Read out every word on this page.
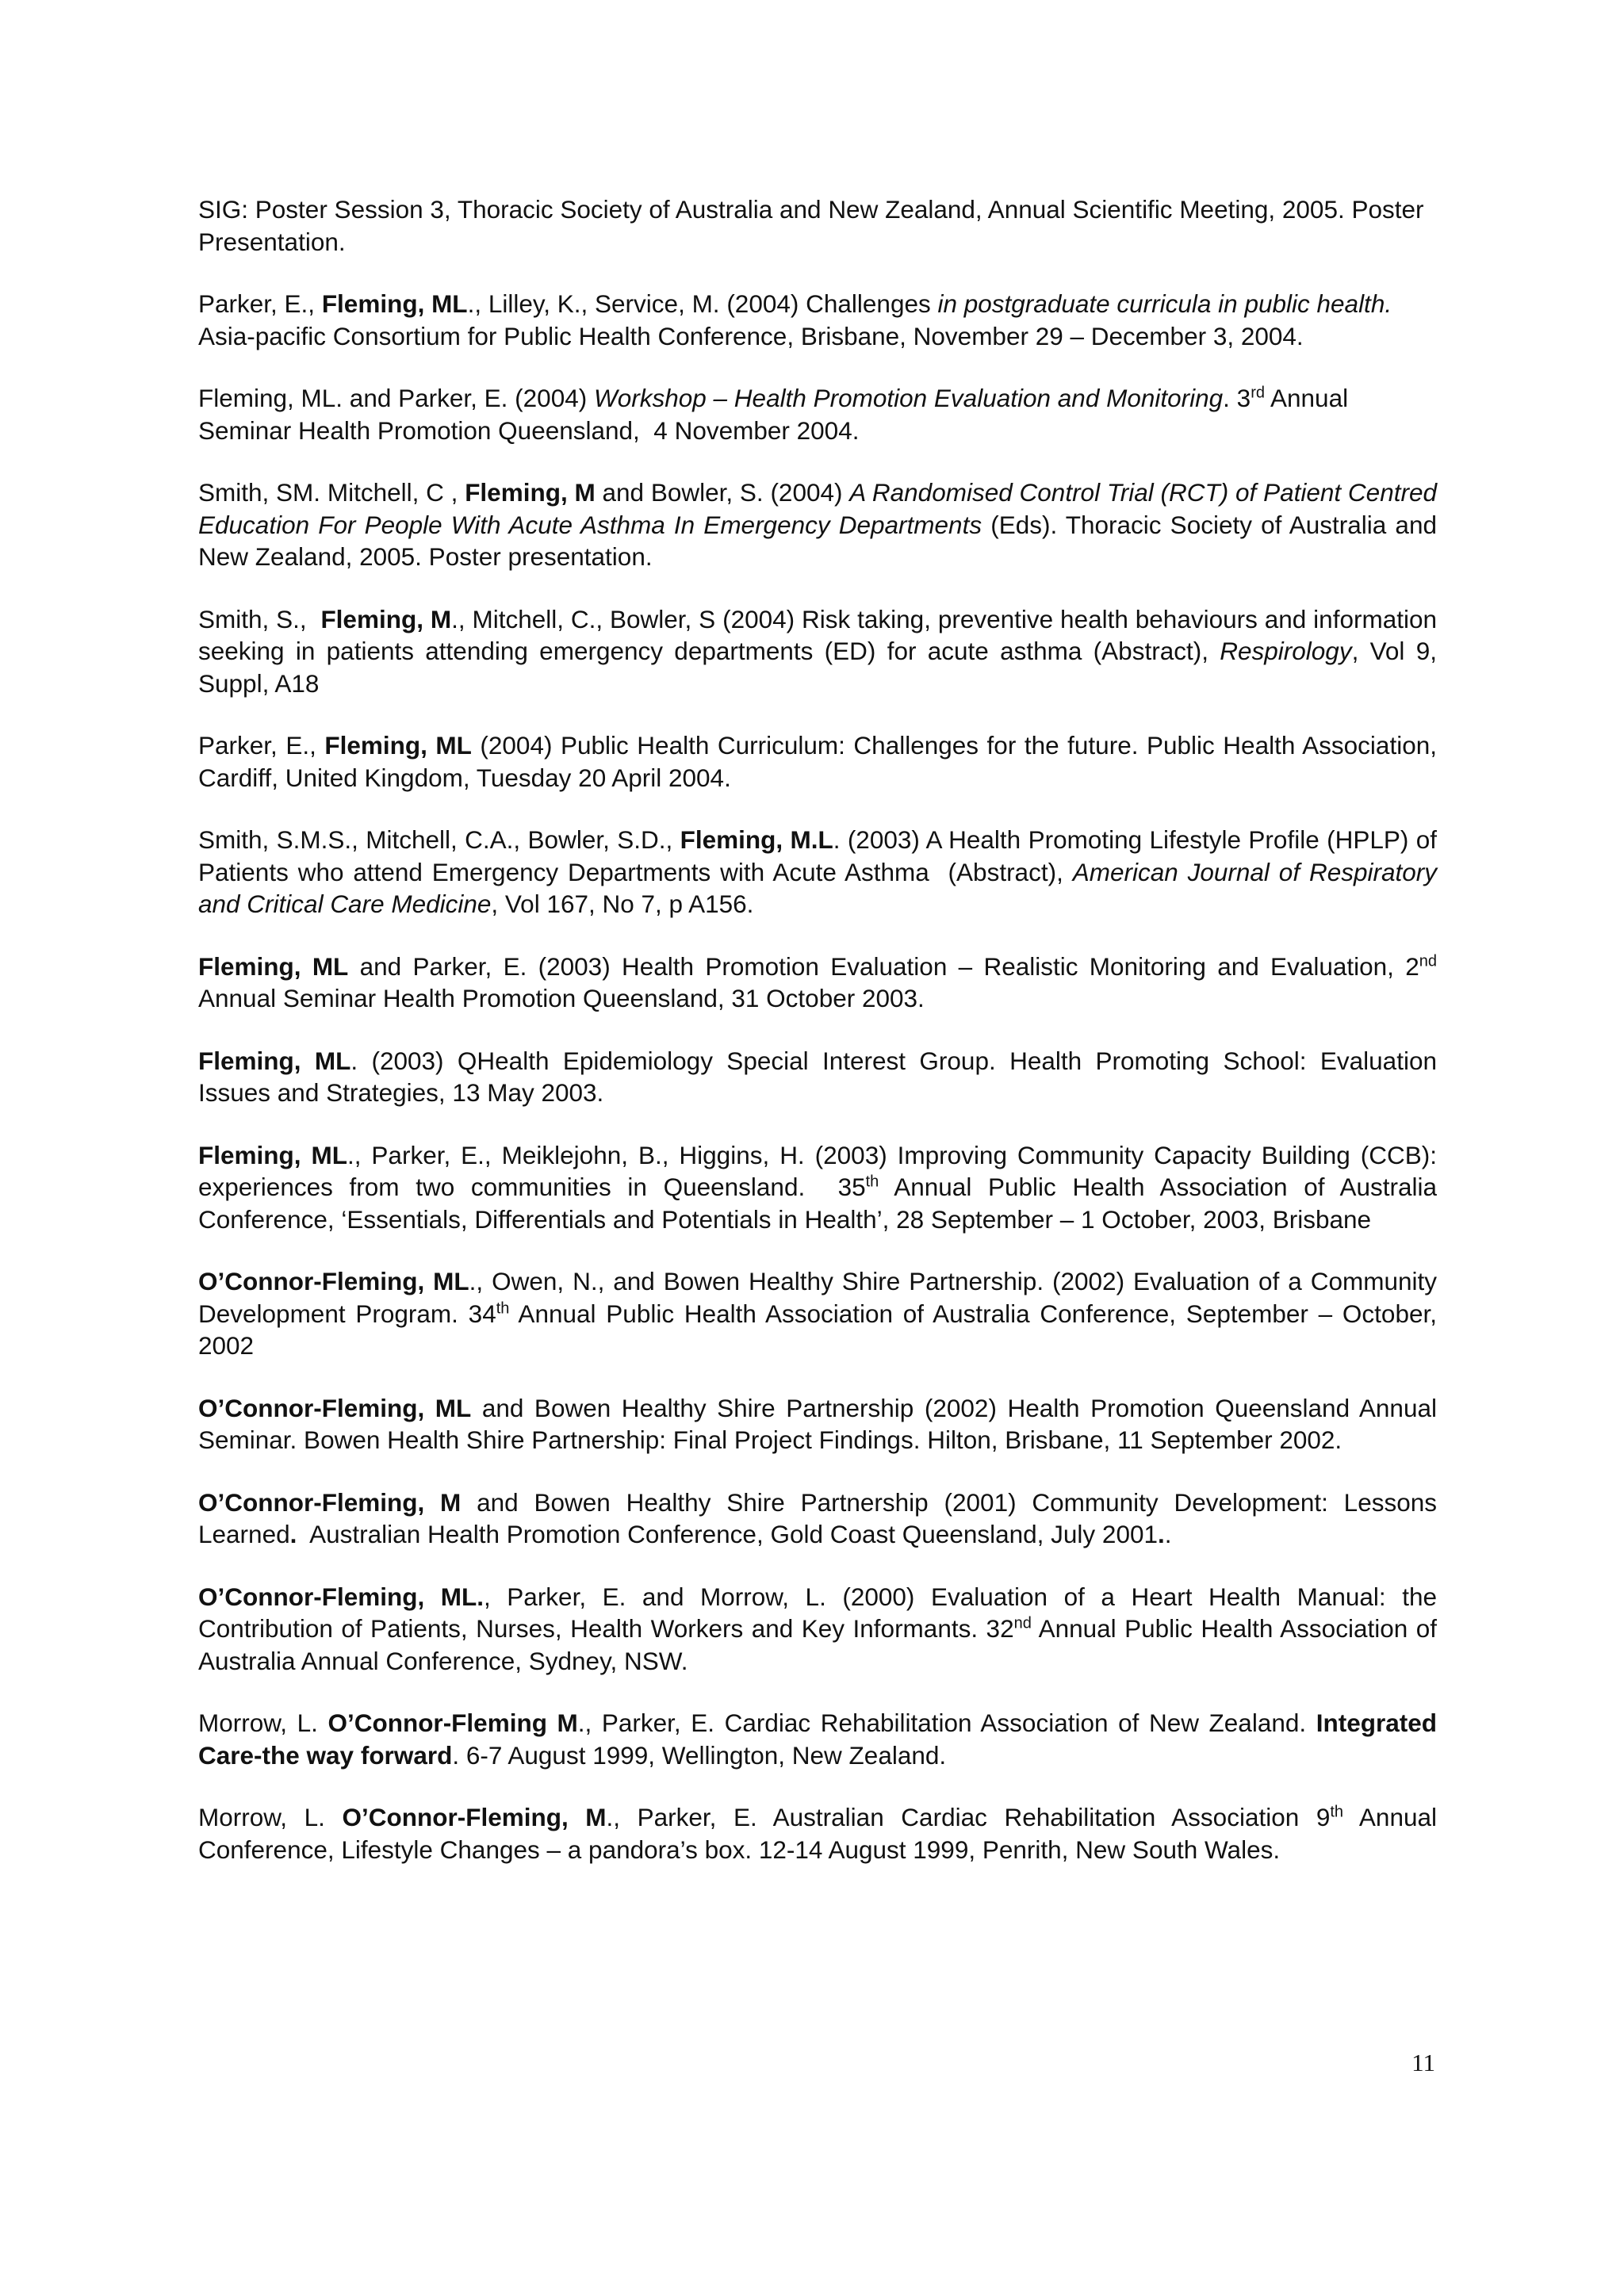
SIG: Poster Session 3, Thoracic Society of Australia and New Zealand, Annual Scientific Meeting, 2005. Poster Presentation.

Parker, E., Fleming, ML., Lilley, K., Service, M. (2004) Challenges in postgraduate curricula in public health. Asia-pacific Consortium for Public Health Conference, Brisbane, November 29 – December 3, 2004.

Fleming, ML. and Parker, E. (2004) Workshop – Health Promotion Evaluation and Monitoring. 3rd Annual Seminar Health Promotion Queensland,  4 November 2004.

Smith, SM. Mitchell, C , Fleming, M and Bowler, S. (2004) A Randomised Control Trial (RCT) of Patient Centred Education For People With Acute Asthma In Emergency Departments (Eds). Thoracic Society of Australia and New Zealand, 2005. Poster presentation.

Smith, S.,  Fleming, M., Mitchell, C., Bowler, S (2004) Risk taking, preventive health behaviours and information seeking in patients attending emergency departments (ED) for acute asthma (Abstract), Respirology, Vol 9, Suppl, A18

Parker, E., Fleming, ML (2004) Public Health Curriculum: Challenges for the future. Public Health Association, Cardiff, United Kingdom, Tuesday 20 April 2004.

Smith, S.M.S., Mitchell, C.A., Bowler, S.D., Fleming, M.L. (2003) A Health Promoting Lifestyle Profile (HPLP) of Patients who attend Emergency Departments with Acute Asthma  (Abstract), American Journal of Respiratory and Critical Care Medicine, Vol 167, No 7, p A156.

Fleming, ML and Parker, E. (2003) Health Promotion Evaluation – Realistic Monitoring and Evaluation, 2nd Annual Seminar Health Promotion Queensland, 31 October 2003.

Fleming, ML. (2003) QHealth Epidemiology Special Interest Group. Health Promoting School: Evaluation Issues and Strategies, 13 May 2003.

Fleming, ML., Parker, E., Meiklejohn, B., Higgins, H. (2003) Improving Community Capacity Building (CCB): experiences from two communities in Queensland.  35th Annual Public Health Association of Australia Conference, ‘Essentials, Differentials and Potentials in Health’, 28 September – 1 October, 2003, Brisbane

O’Connor-Fleming, ML., Owen, N., and Bowen Healthy Shire Partnership. (2002) Evaluation of a Community Development Program. 34th Annual Public Health Association of Australia Conference, September – October, 2002

O’Connor-Fleming, ML and Bowen Healthy Shire Partnership (2002) Health Promotion Queensland Annual Seminar. Bowen Health Shire Partnership: Final Project Findings. Hilton, Brisbane, 11 September 2002.

O’Connor-Fleming, M and Bowen Healthy Shire Partnership (2001) Community Development: Lessons Learned.  Australian Health Promotion Conference, Gold Coast Queensland, July 2001..

O’Connor-Fleming, ML., Parker, E. and Morrow, L. (2000) Evaluation of a Heart Health Manual: the Contribution of Patients, Nurses, Health Workers and Key Informants. 32nd Annual Public Health Association of Australia Annual Conference, Sydney, NSW.

Morrow, L. O’Connor-Fleming M., Parker, E. Cardiac Rehabilitation Association of New Zealand. Integrated Care-the way forward. 6-7 August 1999, Wellington, New Zealand.

Morrow, L. O’Connor-Fleming, M., Parker, E. Australian Cardiac Rehabilitation Association 9th Annual Conference, Lifestyle Changes – a pandora’s box. 12-14 August 1999, Penrith, New South Wales.

11
